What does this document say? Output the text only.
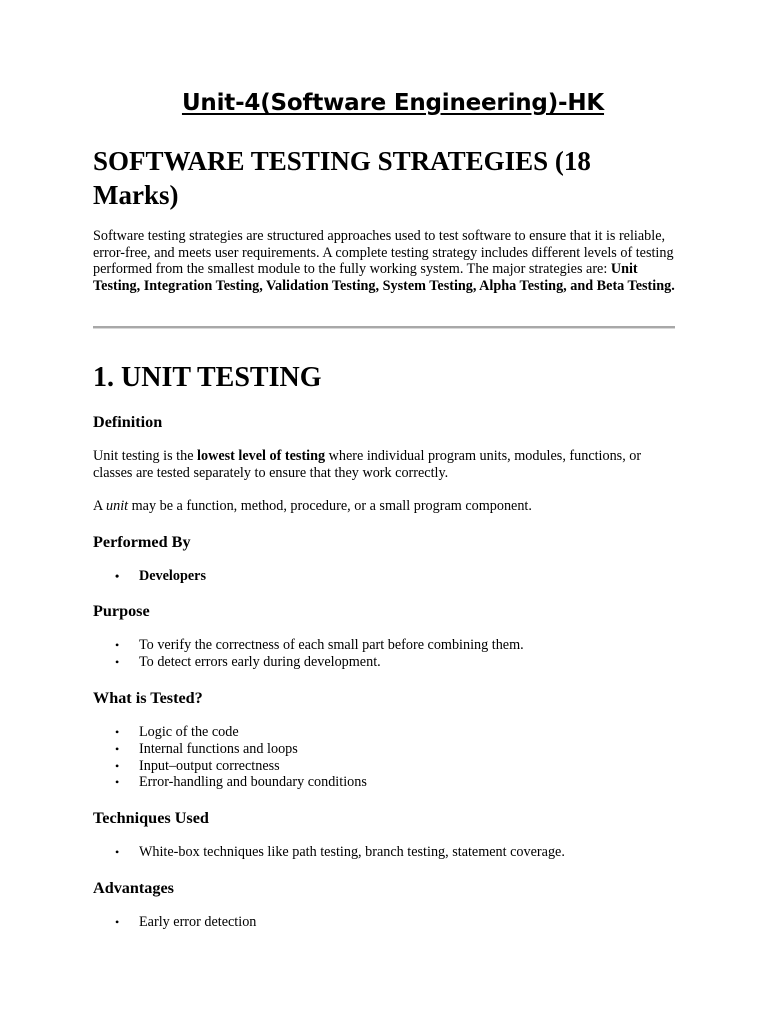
Unit-4(Software Engineering)-HK
SOFTWARE TESTING STRATEGIES (18 Marks)

Software testing strategies are structured approaches used to test software to ensure that it is reliable, error-free, and meets user requirements. A complete testing strategy includes different levels of testing performed from the smallest module to the fully working system. The major strategies are: Unit Testing, Integration Testing, Validation Testing, System Testing, Alpha Testing, and Beta Testing.

1. UNIT TESTING
Definition

Unit testing is the lowest level of testing where individual program units, modules, functions, or classes are tested separately to ensure that they work correctly.

A unit may be a function, method, procedure, or a small program component.

Performed By
• Developers
Purpose
• To verify the correctness of each small part before combining them.
• To detect errors early during development.
What is Tested?
• Logic of the code
• Internal functions and loops
• Input–output correctness
• Error-handling and boundary conditions
Techniques Used
• White-box techniques like path testing, branch testing, statement coverage.
Advantages
• Early error detection
